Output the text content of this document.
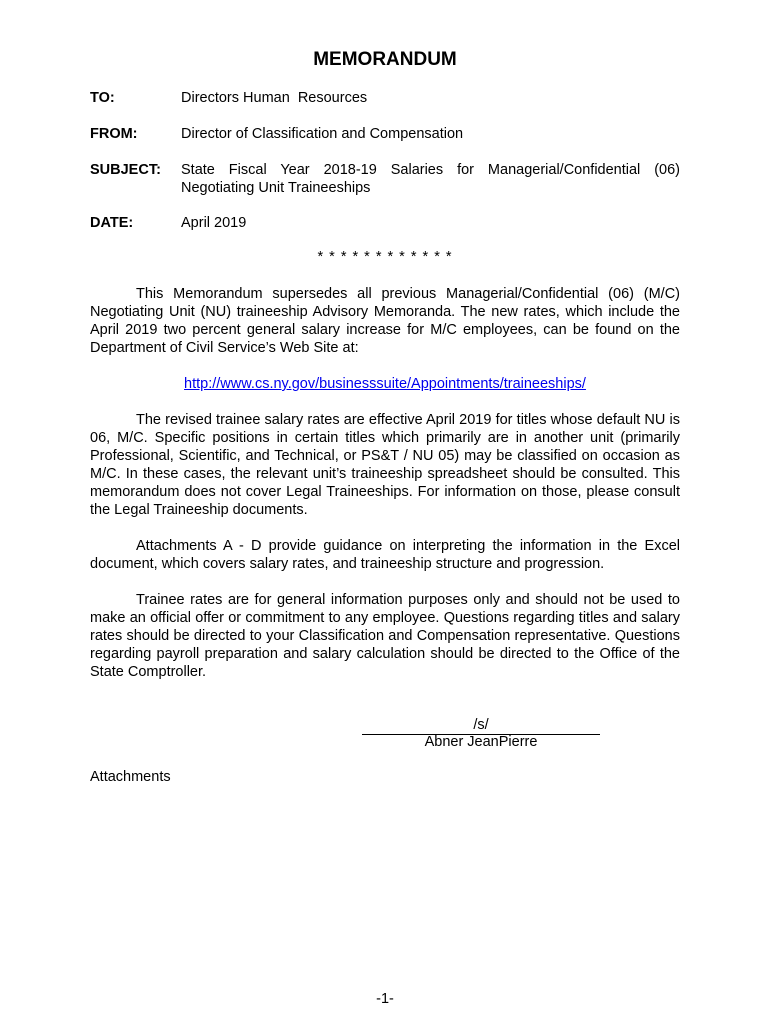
MEMORANDUM
TO:	Directors Human  Resources
FROM:	Director of Classification and Compensation
SUBJECT: State Fiscal Year 2018-19 Salaries for Managerial/Confidential (06) Negotiating Unit Traineeships
DATE:	April 2019
* * * * * * * * * * * *
This Memorandum supersedes all previous Managerial/Confidential (06) (M/C) Negotiating Unit (NU) traineeship Advisory Memoranda. The new rates, which include the April 2019 two percent general salary increase for M/C employees, can be found on the Department of Civil Service’s Web Site at:
http://www.cs.ny.gov/businesssuite/Appointments/traineeships/
The revised trainee salary rates are effective April 2019 for titles whose default NU is 06, M/C. Specific positions in certain titles which primarily are in another unit (primarily Professional, Scientific, and Technical, or PS&T / NU 05) may be classified on occasion as M/C. In these cases, the relevant unit’s traineeship spreadsheet should be consulted. This memorandum does not cover Legal Traineeships. For information on those, please consult the Legal Traineeship documents.
Attachments A - D provide guidance on interpreting the information in the Excel document, which covers salary rates, and traineeship structure and progression.
Trainee rates are for general information purposes only and should not be used to make an official offer or commitment to any employee. Questions regarding titles and salary rates should be directed to your Classification and Compensation representative. Questions regarding payroll preparation and salary calculation should be directed to the Office of the State Comptroller.
/s/
Abner JeanPierre
Attachments
-1-
